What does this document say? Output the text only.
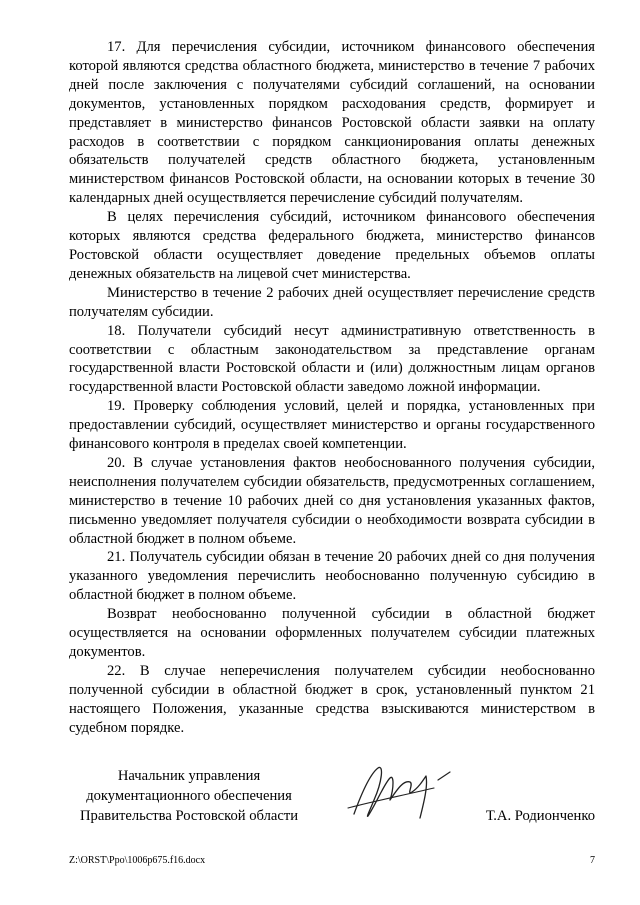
17. Для перечисления субсидии, источником финансового обеспечения которой являются средства областного бюджета, министерство в течение 7 рабочих дней после заключения с получателями субсидий соглашений, на основании документов, установленных порядком расходования средств, формирует и представляет в министерство финансов Ростовской области заявки на оплату расходов в соответствии с порядком санкционирования оплаты денежных обязательств получателей средств областного бюджета, установленным министерством финансов Ростовской области, на основании которых в течение 30 календарных дней осуществляется перечисление субсидий получателям.

В целях перечисления субсидий, источником финансового обеспечения которых являются средства федерального бюджета, министерство финансов Ростовской области осуществляет доведение предельных объемов оплаты денежных обязательств на лицевой счет министерства.

Министерство в течение 2 рабочих дней осуществляет перечисление средств получателям субсидии.

18. Получатели субсидий несут административную ответственность в соответствии с областным законодательством за представление органам государственной власти Ростовской области и (или) должностным лицам органов государственной власти Ростовской области заведомо ложной информации.

19. Проверку соблюдения условий, целей и порядка, установленных при предоставлении субсидий, осуществляет министерство и органы государственного финансового контроля в пределах своей компетенции.

20. В случае установления фактов необоснованного получения субсидии, неисполнения получателем субсидии обязательств, предусмотренных соглашением, министерство в течение 10 рабочих дней со дня установления указанных фактов, письменно уведомляет получателя субсидии о необходимости возврата субсидии в областной бюджет в полном объеме.

21. Получатель субсидии обязан в течение 20 рабочих дней со дня получения указанного уведомления перечислить необоснованно полученную субсидию в областной бюджет в полном объеме.

Возврат необоснованно полученной субсидии в областной бюджет осуществляется на основании оформленных получателем субсидии платежных документов.

22. В случае неперечисления получателем субсидии необоснованно полученной субсидии в областной бюджет в срок, установленный пунктом 21 настоящего Положения, указанные средства взыскиваются министерством в судебном порядке.

Начальник управления
документационного обеспечения
Правительства Ростовской области	Т.А. Родионченко
Z:\ORST\Ppo\1006p675.f16.docx	7
